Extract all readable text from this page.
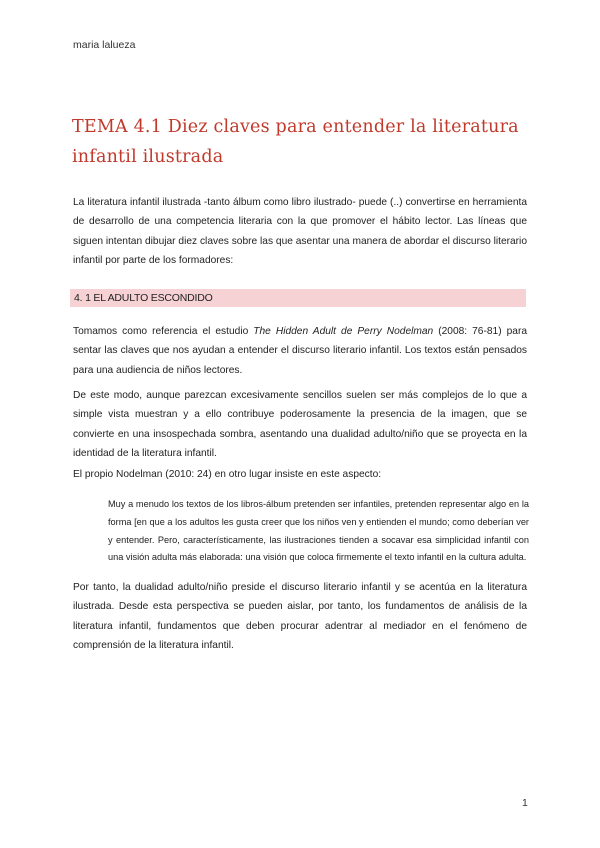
maria lalueza
TEMA 4.1 Diez claves para entender la literatura infantil ilustrada

La literatura infantil ilustrada -tanto álbum como libro ilustrado- puede (..) convertirse en herramienta de desarrollo de una competencia literaria con la que promover el hábito lector. Las líneas que siguen intentan dibujar diez claves sobre las que asentar una manera de abordar el discurso literario infantil por parte de los formadores:

4. 1 EL ADULTO ESCONDIDO

Tomamos como referencia el estudio The Hidden Adult de Perry Nodelman (2008: 76-81) para sentar las claves que nos ayudan a entender el discurso literario infantil. Los textos están pensados para una audiencia de niños lectores.

De este modo, aunque parezcan excesivamente sencillos suelen ser más complejos de lo que a simple vista muestran y a ello contribuye poderosamente la presencia de la imagen, que se convierte en una insospechada sombra, asentando una dualidad adulto/niño que se proyecta en la identidad de la literatura infantil.

El propio Nodelman (2010: 24) en otro lugar insiste en este aspecto:

Muy a menudo los textos de los libros-álbum pretenden ser infantiles, pretenden representar algo en la forma [en que a los adultos les gusta creer que los niños ven y entienden el mundo; como deberían ver y entender. Pero, característicamente, las ilustraciones tienden a socavar esa simplicidad infantil con una visión adulta más elaborada: una visión que coloca firmemente el texto infantil en la cultura adulta.

Por tanto, la dualidad adulto/niño preside el discurso literario infantil y se acentúa en la literatura ilustrada. Desde esta perspectiva se pueden aislar, por tanto, los fundamentos de análisis de la literatura infantil, fundamentos que deben procurar adentrar al mediador en el fenómeno de comprensión de la literatura infantil.

1
